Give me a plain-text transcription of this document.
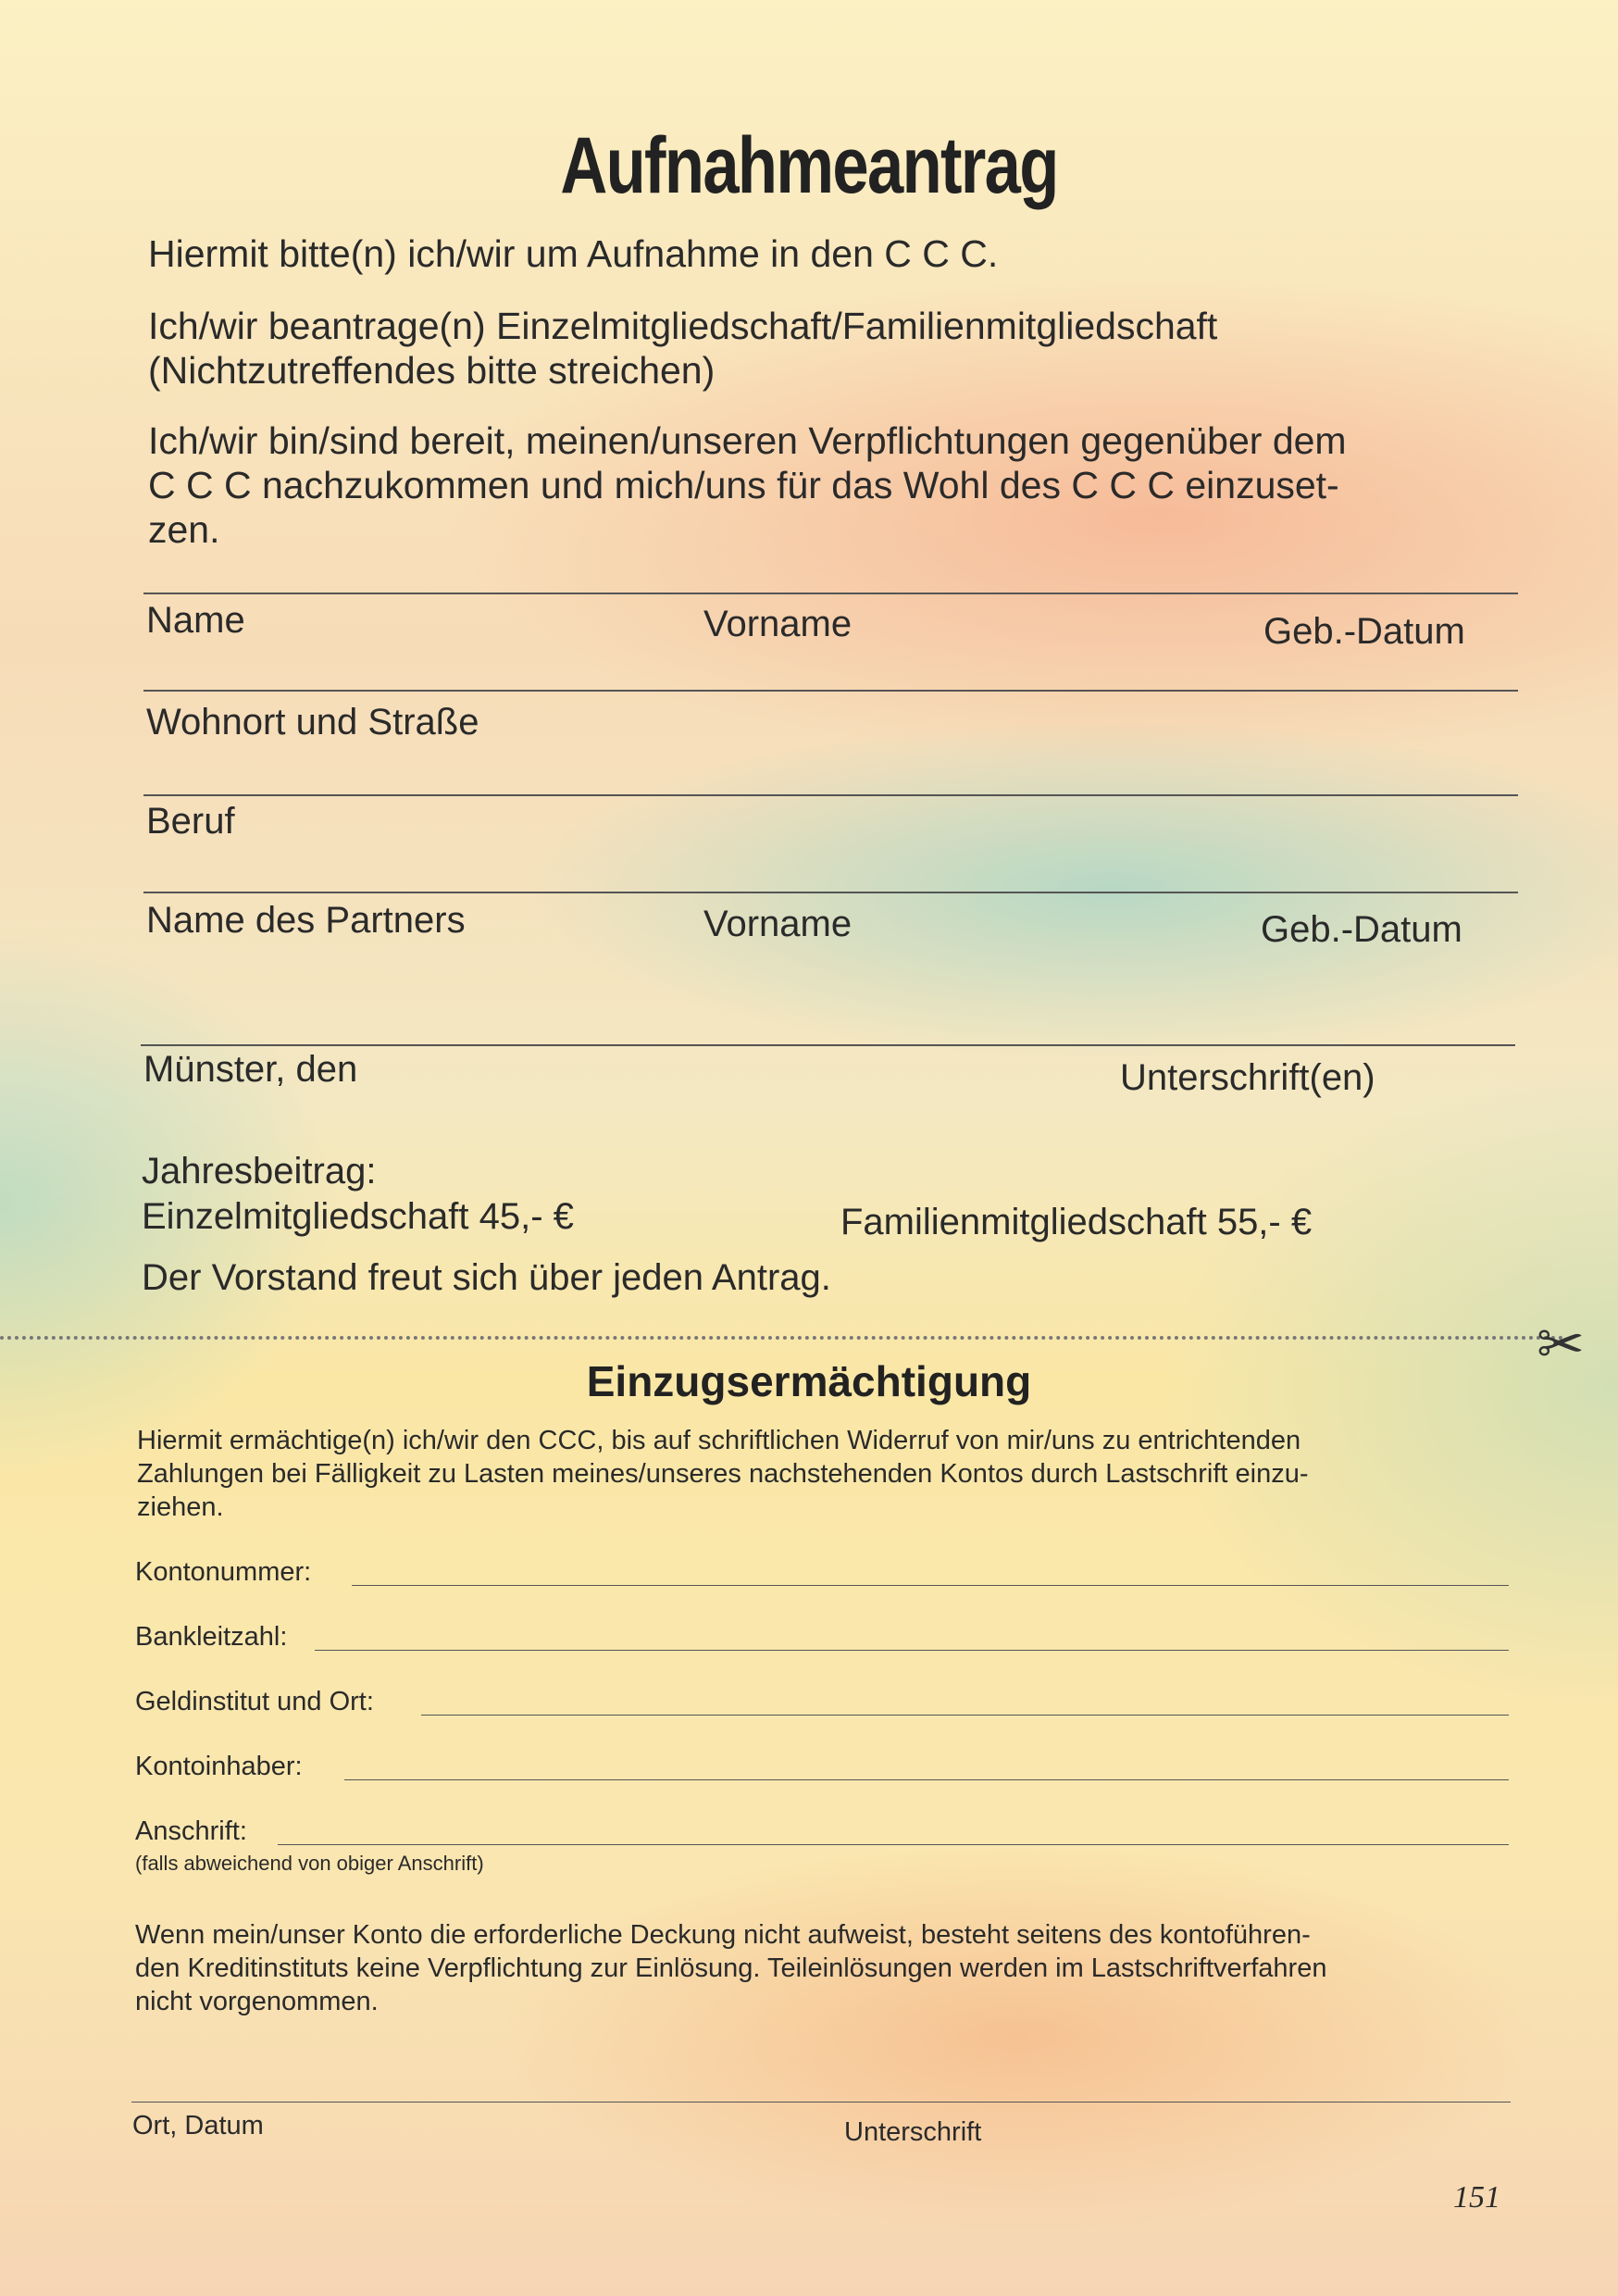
Aufnahmeantrag
Hiermit bitte(n) ich/wir um Aufnahme in den C C C.
Ich/wir beantrage(n) Einzelmitgliedschaft/Familienmitgliedschaft
(Nichtzutreffendes bitte streichen)
Ich/wir bin/sind bereit, meinen/unseren Verpflichtungen gegenüber dem
C C C nachzukommen und mich/uns für das Wohl des C C C einzuset-
zen.
Name	Vorname	Geb.-Datum
Wohnort und Straße
Beruf
Name des Partners	Vorname	Geb.-Datum
Münster, den	Unterschrift(en)
Jahresbeitrag:
Einzelmitgliedschaft 45,- €	Familienmitgliedschaft 55,- €
Der Vorstand freut sich über jeden Antrag.
✂
Einzugsermächtigung
Hiermit ermächtige(n) ich/wir den CCC, bis auf schriftlichen Widerruf von mir/uns zu entrichtenden
Zahlungen bei Fälligkeit zu Lasten meines/unseres nachstehenden Kontos durch Lastschrift einzu-
ziehen.
Kontonummer:
Bankleitzahl:
Geldinstitut und Ort:
Kontoinhaber:
Anschrift:
(falls abweichend von obiger Anschrift)
Wenn mein/unser Konto die erforderliche Deckung nicht aufweist, besteht seitens des kontoführen-
den Kreditinstituts keine Verpflichtung zur Einlösung. Teileinlösungen werden im Lastschriftverfahren
nicht vorgenommen.
Ort, Datum	Unterschrift
151
